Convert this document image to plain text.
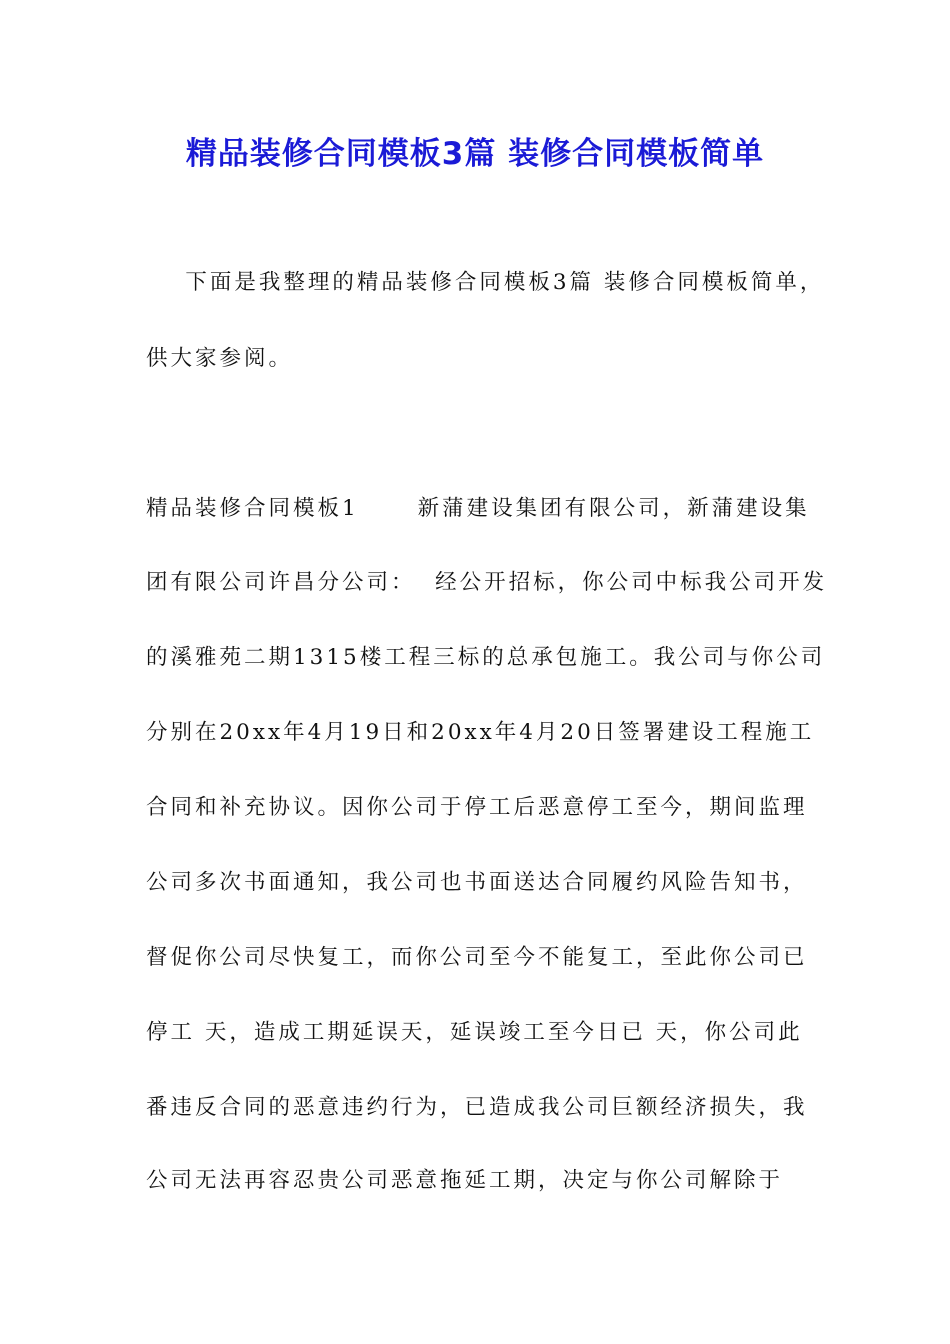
精品装修合同模板3篇 装修合同模板简单
下面是我整理的精品装修合同模板3篇 装修合同模板简单，
供大家参阅。
精品装修合同模板1      新蒲建设集团有限公司，新蒲建设集
团有限公司许昌分公司：  经公开招标，你公司中标我公司开发
的溪雅苑二期1315楼工程三标的总承包施工。我公司与你公司
分别在20xx年4月19日和20xx年4月20日签署建设工程施工
合同和补充协议。因你公司于停工后恶意停工至今，期间监理
公司多次书面通知，我公司也书面送达合同履约风险告知书，
督促你公司尽快复工，而你公司至今不能复工，至此你公司已
停工 天，造成工期延误天，延误竣工至今日已 天，你公司此
番违反合同的恶意违约行为，已造成我公司巨额经济损失，我
公司无法再容忍贵公司恶意拖延工期，决定与你公司解除于
